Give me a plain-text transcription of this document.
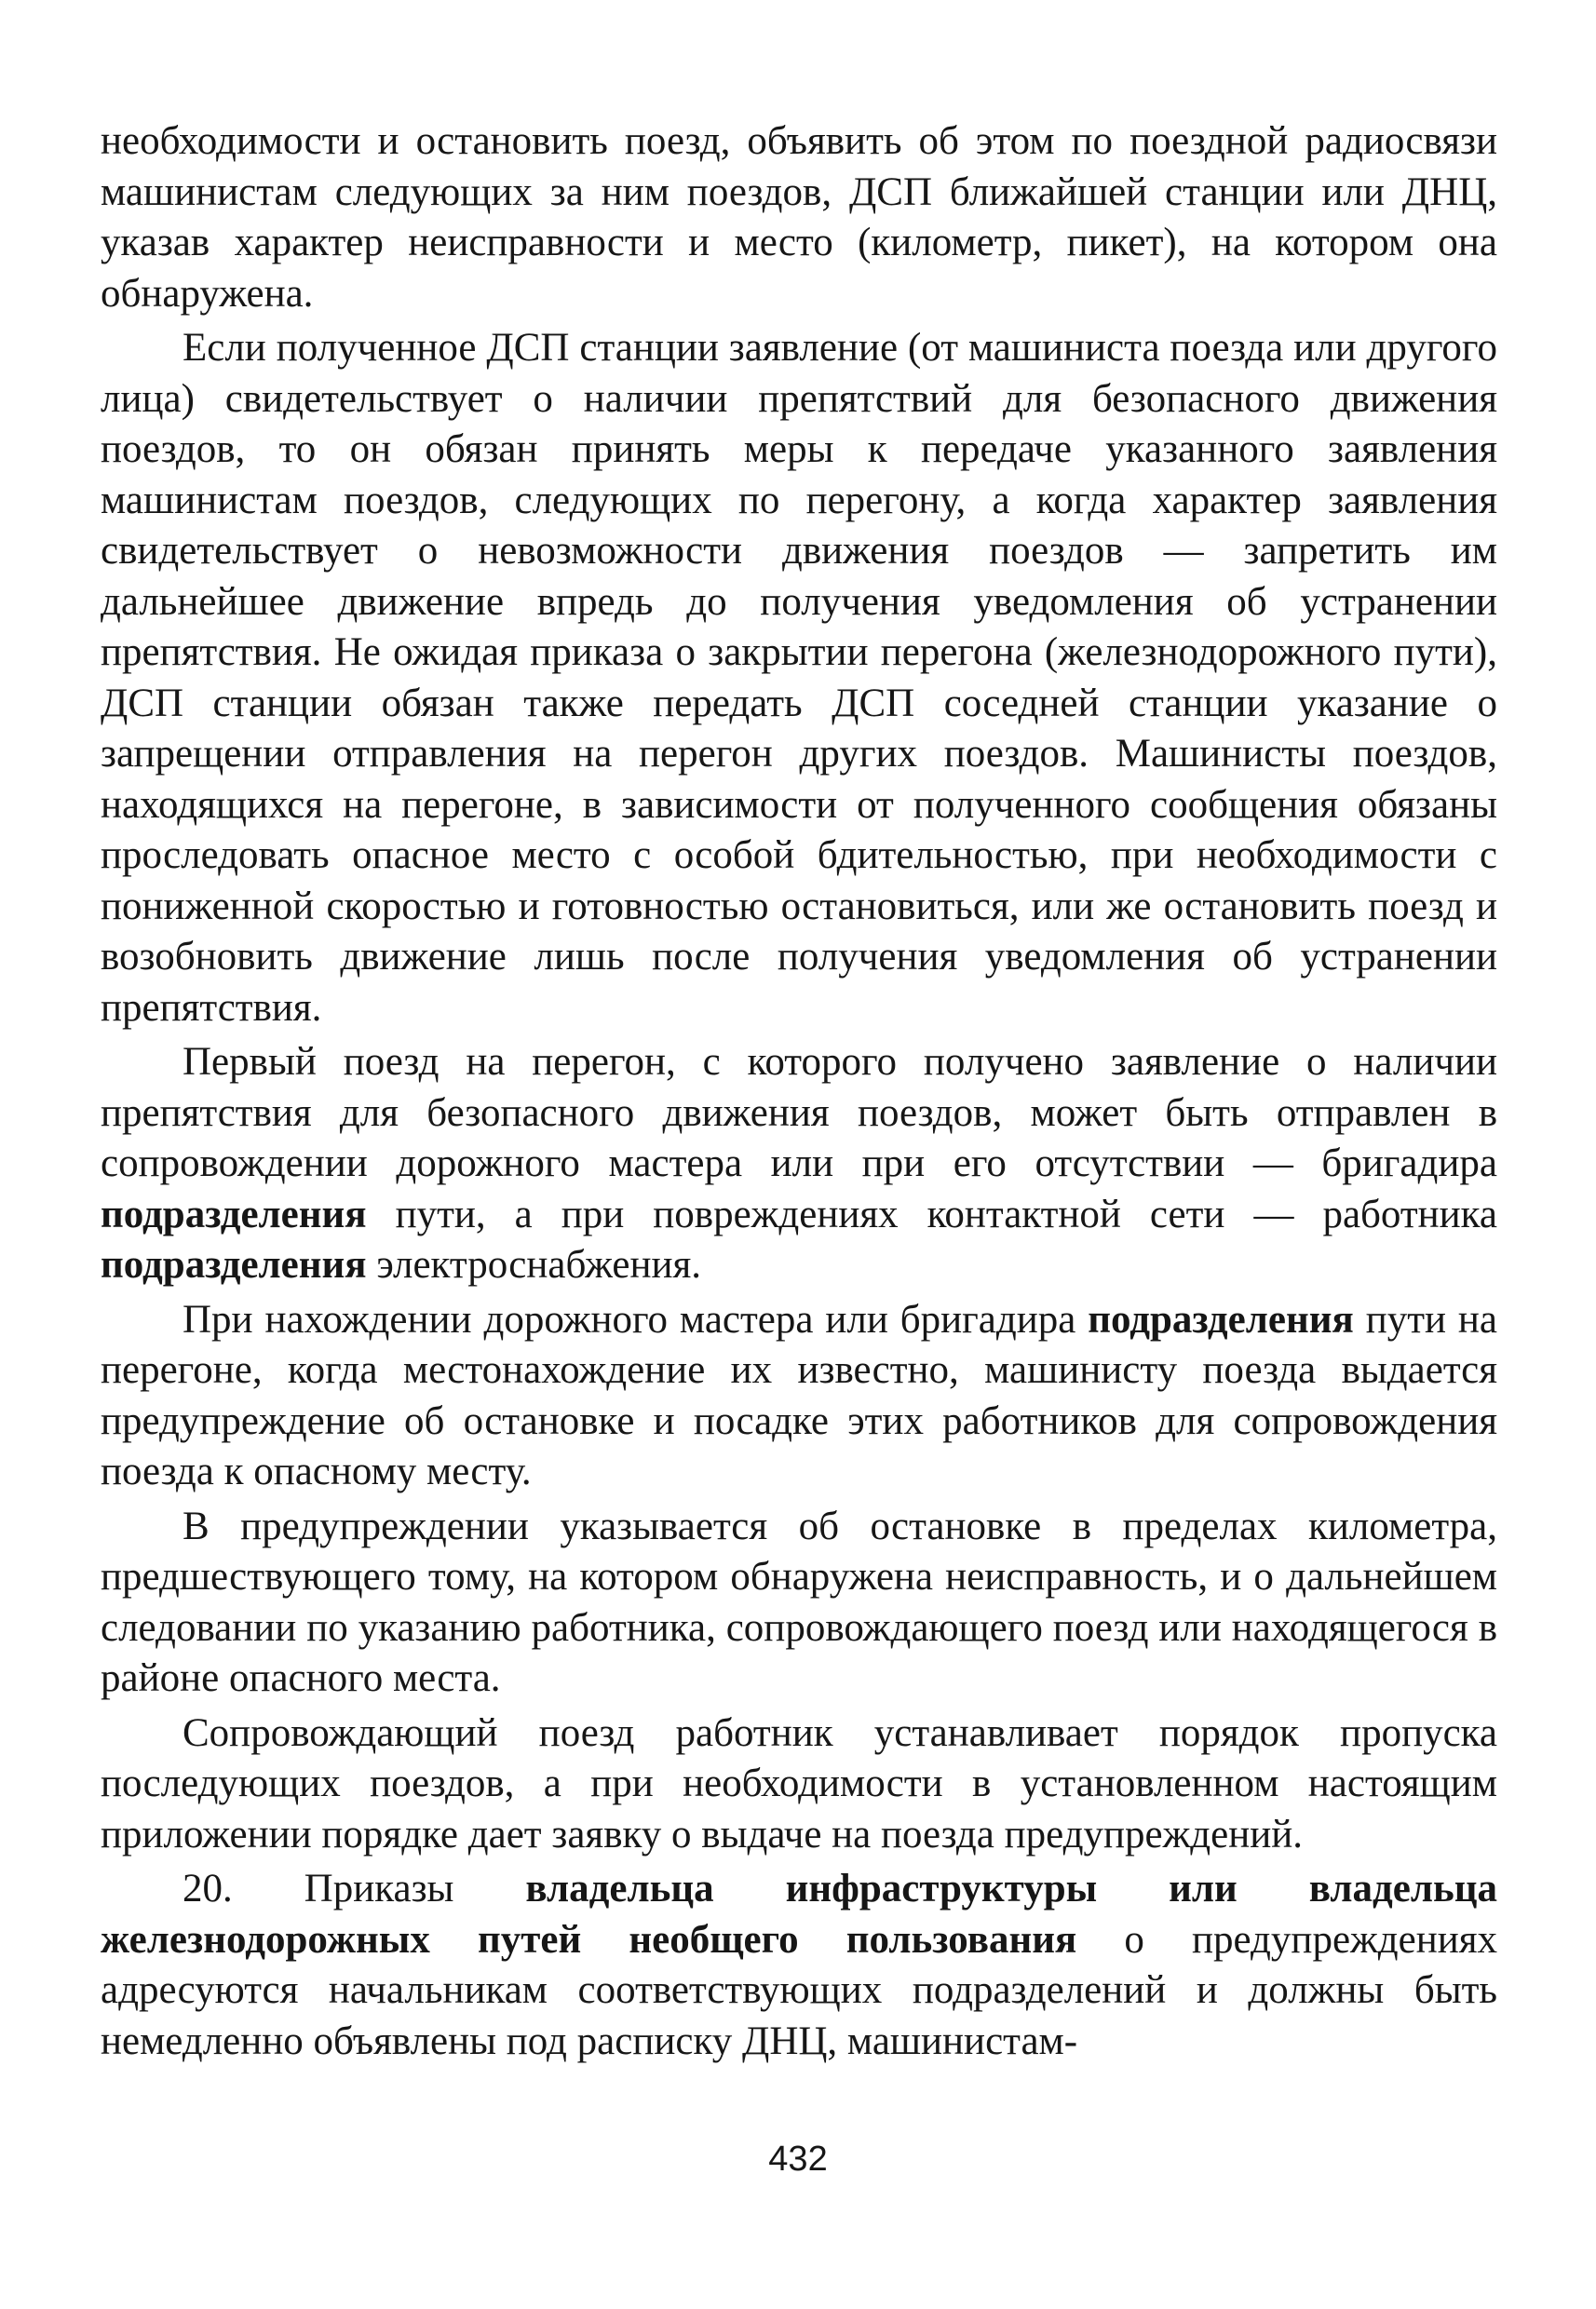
необходимости и остановить поезд, объявить об этом по поездной радиосвязи машинистам следующих за ним поездов, ДСП ближайшей станции или ДНЦ, указав характер неисправности и место (километр, пикет), на котором она обнаружена.

Если полученное ДСП станции заявление (от машиниста поезда или другого лица) свидетельствует о наличии препятствий для безопасного движения поездов, то он обязан принять меры к передаче указанного заявления машинистам поездов, следующих по перегону, а когда характер заявления свидетельствует о невозможности движения поездов — запретить им дальнейшее движение впредь до получения уведомления об устранении препятствия. Не ожидая приказа о закрытии перегона (железнодорожного пути), ДСП станции обязан также передать ДСП соседней станции указание о запрещении отправления на перегон других поездов. Машинисты поездов, находящихся на перегоне, в зависимости от полученного сообщения обязаны проследовать опасное место с особой бдительностью, при необходимости с пониженной скоростью и готовностью остановиться, или же остановить поезд и возобновить движение лишь после получения уведомления об устранении препятствия.

Первый поезд на перегон, с которого получено заявление о наличии препятствия для безопасного движения поездов, может быть отправлен в сопровождении дорожного мастера или при его отсутствии — бригадира подразделения пути, а при повреждениях контактной сети — работника подразделения электроснабжения.

При нахождении дорожного мастера или бригадира подразделения пути на перегоне, когда местонахождение их известно, машинисту поезда выдается предупреждение об остановке и посадке этих работников для сопровождения поезда к опасному месту.

В предупреждении указывается об остановке в пределах километра, предшествующего тому, на котором обнаружена неисправность, и о дальнейшем следовании по указанию работника, сопровождающего поезд или находящегося в районе опасного места.

Сопровождающий поезд работник устанавливает порядок пропуска последующих поездов, а при необходимости в установленном настоящим приложении порядке дает заявку о выдаче на поезда предупреждений.

20. Приказы владельца инфраструктуры или владельца железнодорожных путей необщего пользования о предупреждениях адресуются начальникам соответствующих подразделений и должны быть немедленно объявлены под расписку ДНЦ, машинистам-

432
